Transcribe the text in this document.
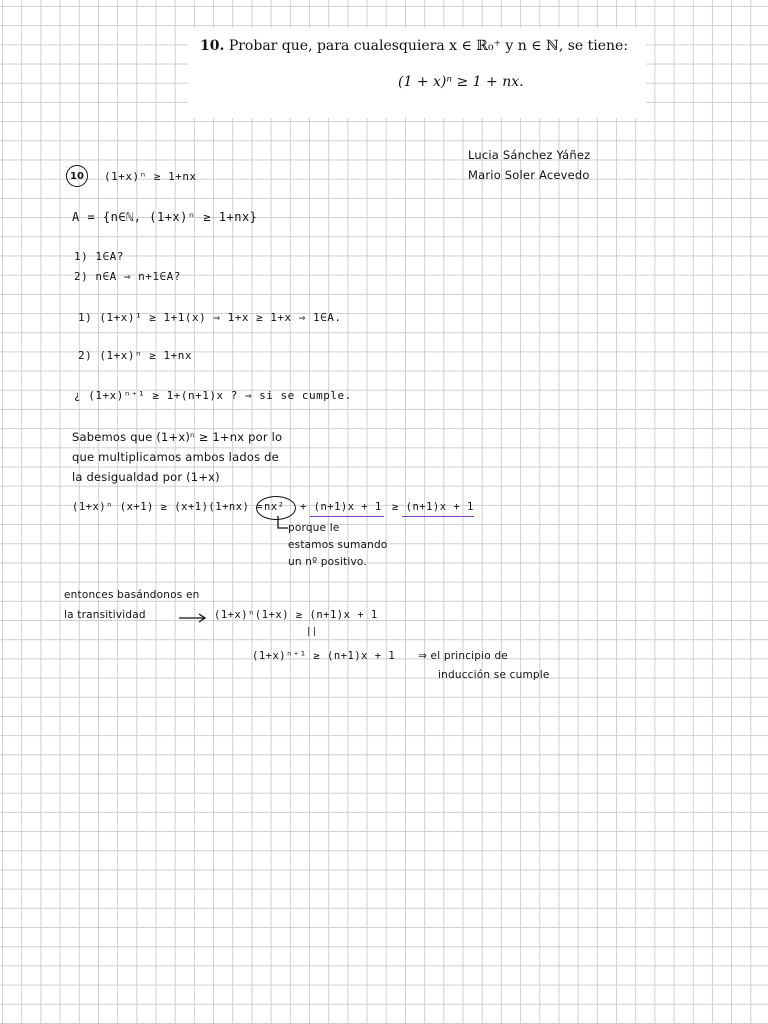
10. Probar que, para cualesquiera x ∈ ℝ₀⁺ y n ∈ ℕ, se tiene:
(1 + x)ⁿ ≥ 1 + nx.
Lucia Sánchez Yáñez
Mario Soler Acevedo
10 (1+x)ⁿ ≥ 1+nx
A = {n∈ℕ, (1+x)ⁿ ≥ 1+nx}
1) 1∈A?
2) n∈A ⇒ n+1∈A?
1) (1+x)¹ ≥ 1+1(x) ⇒ 1+x ≥ 1+x ⇒ 1∈A.
2) (1+x)ⁿ ≥ 1+nx
¿ (1+x)ⁿ⁺¹ ≥ 1+(n+1)x ? ⇒ si se cumple.
Sabemos que (1+x)ⁿ ≥ 1+nx por lo
que multiplicamos ambos lados de
la desigualdad por (1+x)
(1+x)ⁿ (x+1) ≥ (x+1)(1+nx) = nx² + (n+1)x + 1 ≥ (n+1)x + 1
porque le
estamos sumando
un nº positivo.
entonces basándonos en
la transitividad	(1+x)ⁿ(1+x) ≥ (n+1)x + 1
||
(1+x)ⁿ⁺¹ ≥ (n+1)x + 1 ⇒ el principio de
inducción se cumple
